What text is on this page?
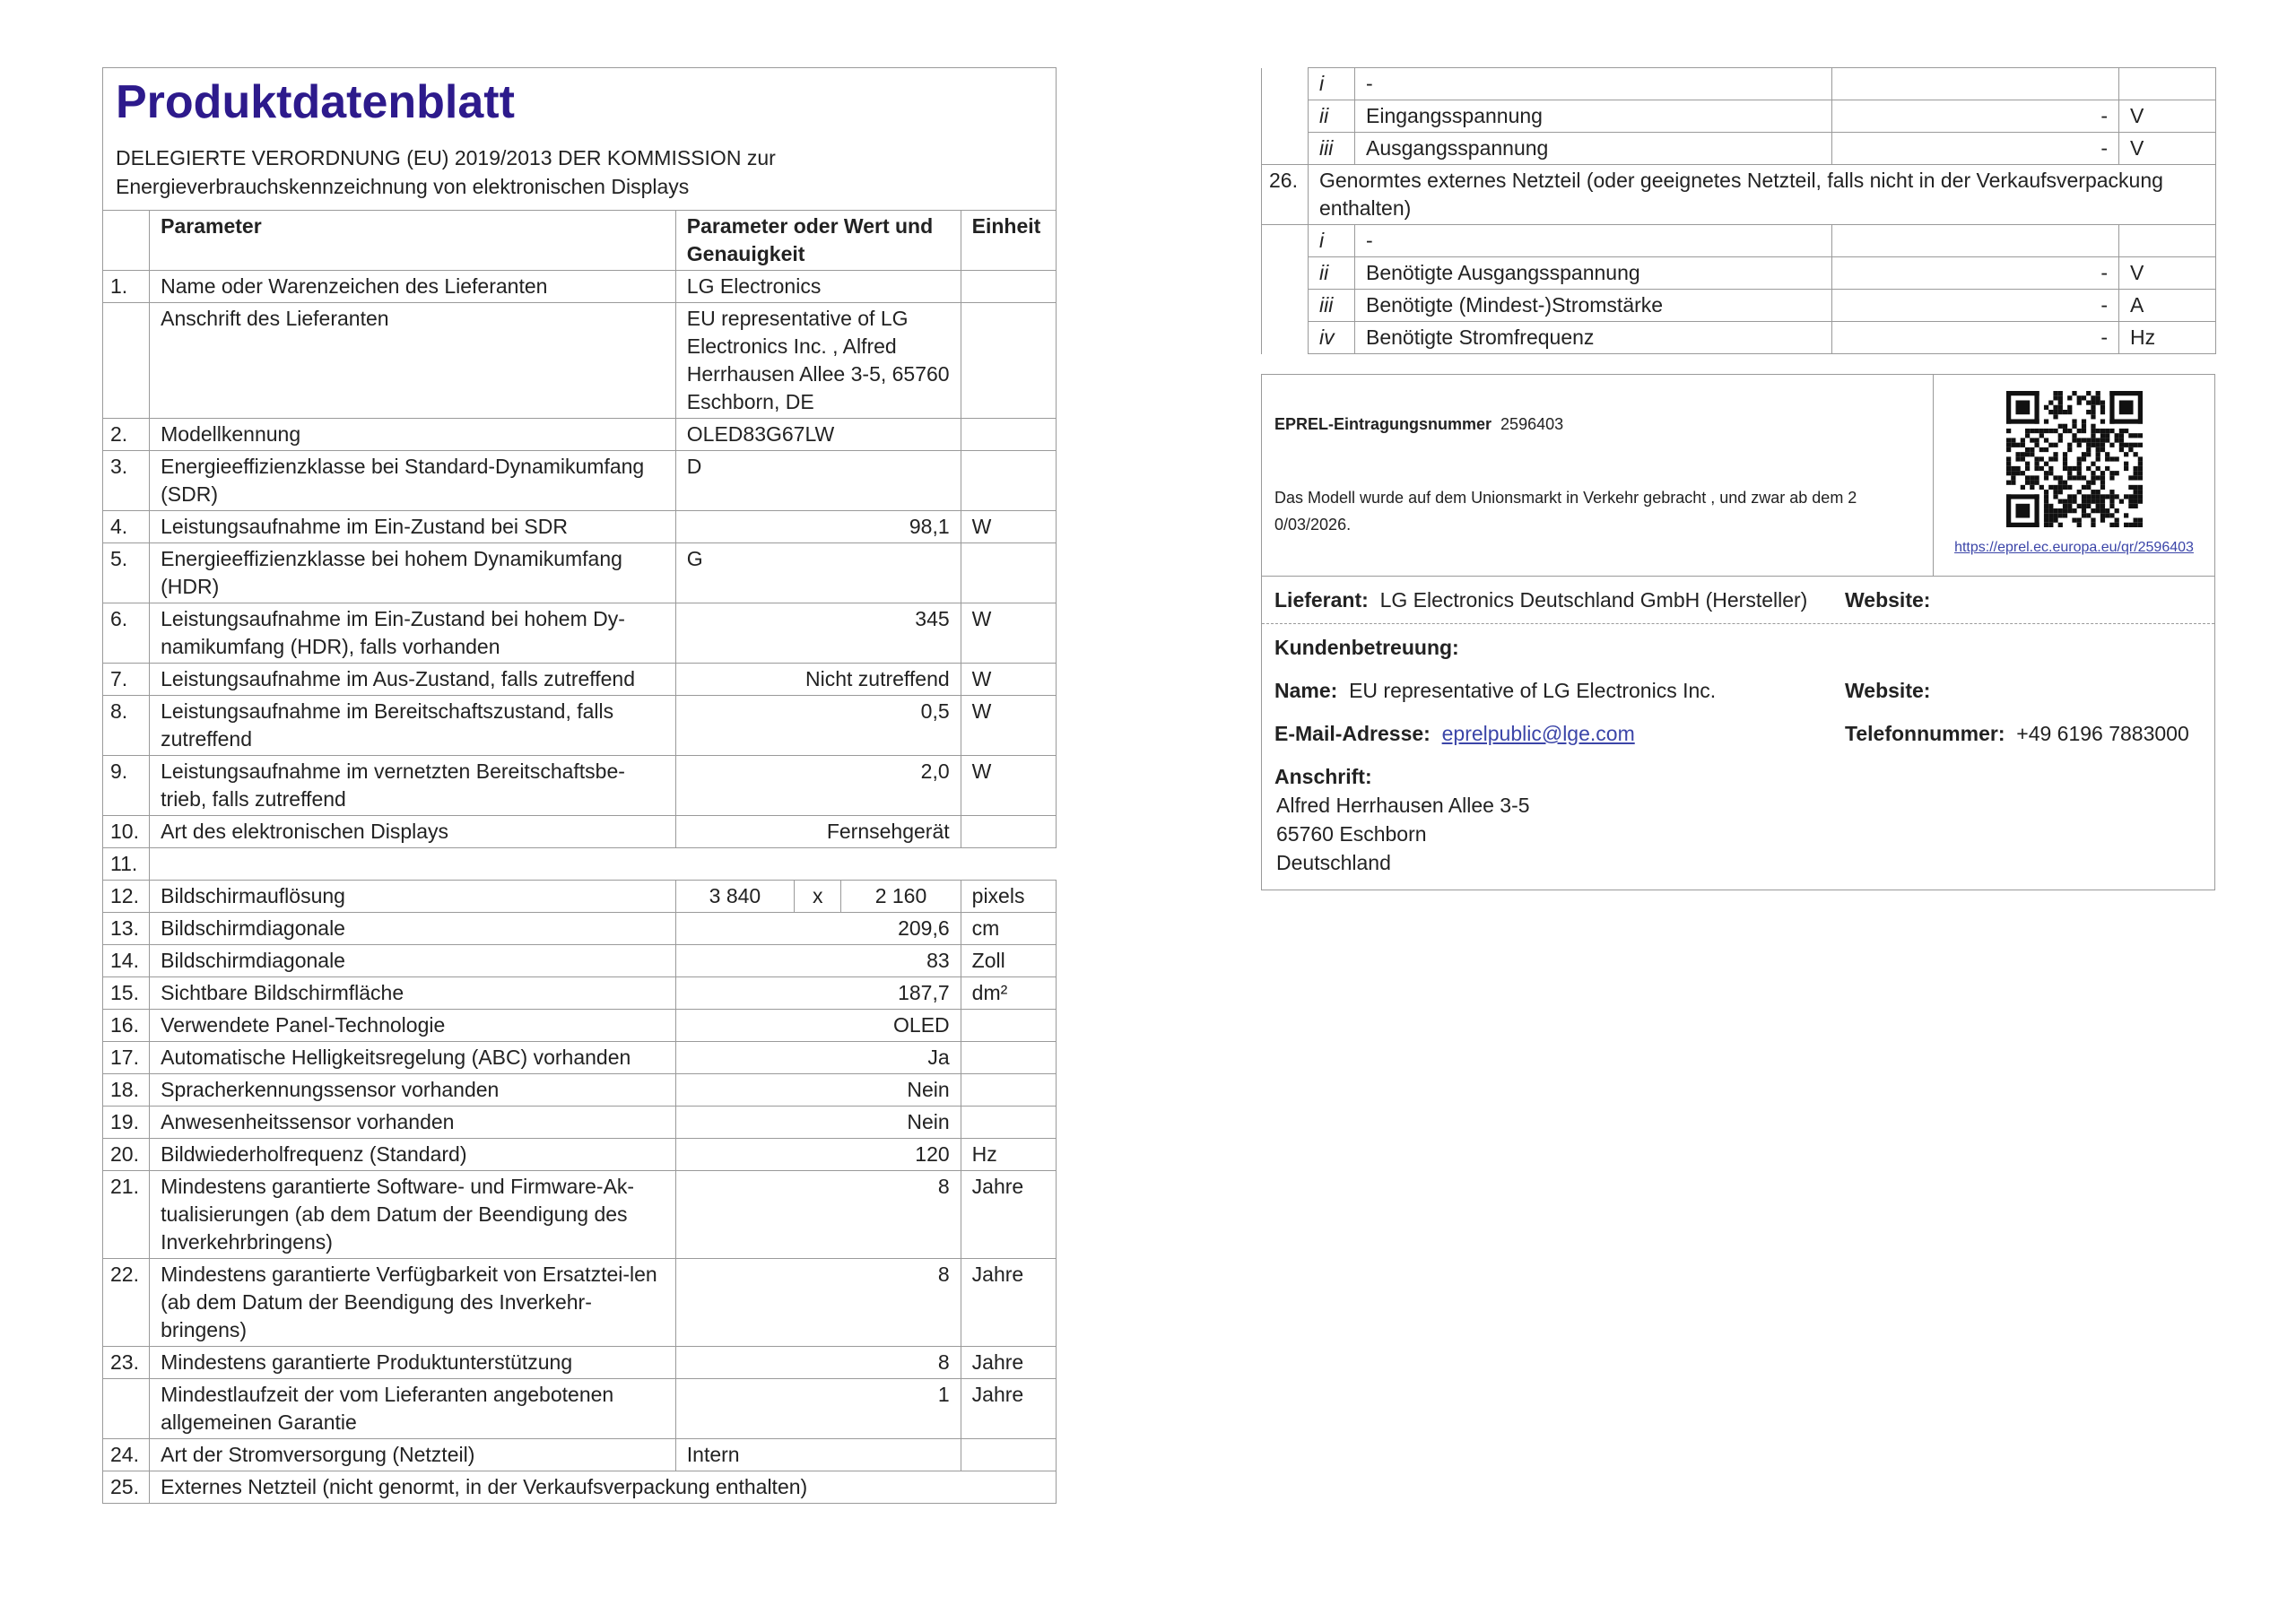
Produktdatenblatt
DELEGIERTE VERORDNUNG (EU) 2019/2013 DER KOMMISSION zur
Energieverbrauchskennzeichnung von elektronischen Displays
	Parameter	Parameter oder Wert und Genauigkeit			Einheit
1.	Name oder Warenzeichen des Lieferanten	LG Electronics			
	Anschrift des Lieferanten	EU representative of LG Electronics Inc. , Alfred Herrhausen Allee 3-5, 65760 Eschborn, DE			
2.	Modellkennung	OLED83G67LW			
3.	Energieeffizienzklasse bei Standard-Dynamikumfang (SDR)	D			
4.	Leistungsaufnahme im Ein-Zustand bei SDR	98,1			W
5.	Energieeffizienzklasse bei hohem Dynamikumfang (HDR)	G			
6.	Leistungsaufnahme im Ein-Zustand bei hohem Dy-namikumfang (HDR), falls vorhanden	345			W
7.	Leistungsaufnahme im Aus-Zustand, falls zutreffend	Nicht zutreffend			W
8.	Leistungsaufnahme im Bereitschaftszustand, falls zutreffend	0,5			W
9.	Leistungsaufnahme im vernetzten Bereitschaftsbe-trieb, falls zutreffend	2,0			W
10.	Art des elektronischen Displays	Fernsehgerät			
11.					
12.	Bildschirmauflösung	3 840	x	2 160	pixels
13.	Bildschirmdiagonale	209,6			cm
14.	Bildschirmdiagonale	83			Zoll
15.	Sichtbare Bildschirmfläche	187,7			dm²
16.	Verwendete Panel-Technologie	OLED			
17.	Automatische Helligkeitsregelung (ABC) vorhanden	Ja			
18.	Spracherkennungssensor vorhanden	Nein			
19.	Anwesenheitssensor vorhanden	Nein			
20.	Bildwiederholfrequenz (Standard)	120			Hz
21.	Mindestens garantierte Software- und Firmware-Ak-tualisierungen (ab dem Datum der Beendigung des Inverkehrbringens)	8			Jahre
22.	Mindestens garantierte Verfügbarkeit von Ersatztei-len (ab dem Datum der Beendigung des Inverkehr-bringens)	8			Jahre
23.	Mindestens garantierte Produktunterstützung	8			Jahre
	Mindestlaufzeit der vom Lieferanten angebotenen allgemeinen Garantie	1			Jahre
24.	Art der Stromversorgung (Netzteil)	Intern			
25.	Externes Netzteil (nicht genormt, in der Verkaufsverpackung enthalten)				
	i	-		
	ii	Eingangsspannung	-	V
	iii	Ausgangsspannung	-	V
26.	Genormtes externes Netzteil (oder geeignetes Netzteil, falls nicht in der Verkaufsverpackung enthalten)			
	i	-		
	ii	Benötigte Ausgangsspannung	-	V
	iii	Benötigte (Mindest-)Stromstärke	-	A
	iv	Benötigte Stromfrequenz	-	Hz
EPREL-Eintragungsnummer 2596403
Das Modell wurde auf dem Unionsmarkt in Verkehr gebracht , und zwar ab dem 2 0/03/2026.
https://eprel.ec.europa.eu/qr/2596403
Lieferant: LG Electronics Deutschland GmbH (Hersteller)	Website:
Kundenbetreuung:
Name: EU representative of LG Electronics Inc.	Website:
E-Mail-Adresse: eprelpublic@lge.com	Telefonnummer: +49 6196 7883000
Anschrift:
Alfred Herrhausen Allee 3-5
65760 Eschborn
Deutschland
